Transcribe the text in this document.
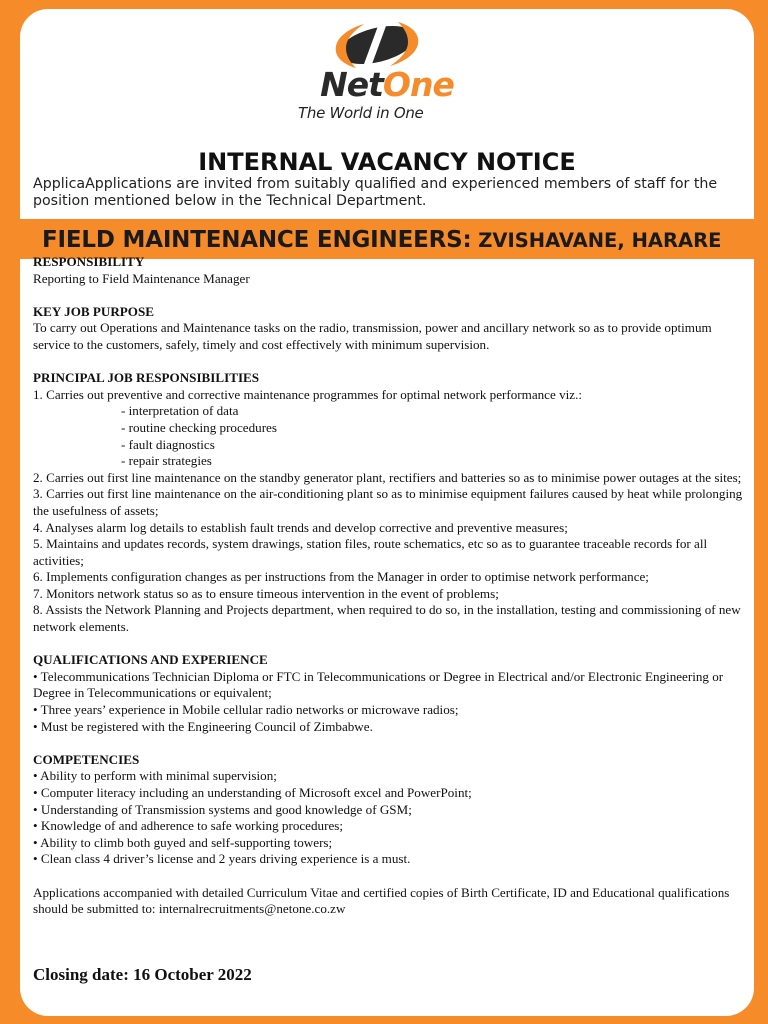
NetOne
The World in One
INTERNAL VACANCY NOTICE
ApplicaApplications are invited from suitably qualified and experienced members of staff for the position mentioned below in the Technical Department.
FIELD MAINTENANCE ENGINEERS: ZVISHAVANE, HARARE

RESPONSIBILITY

Reporting to Field Maintenance Manager

KEY JOB PURPOSE

To carry out Operations and Maintenance tasks on the radio, transmission, power and ancillary network so as to provide optimum service to the customers, safely, timely and cost effectively with minimum supervision.

PRINCIPAL JOB RESPONSIBILITIES

1. Carries out preventive and corrective maintenance programmes for optimal network performance viz.:

- interpretation of data

- routine checking procedures

- fault diagnostics

- repair strategies

2. Carries out first line maintenance on the standby generator plant, rectifiers and batteries so as to minimise power outages at the sites;

3. Carries out first line maintenance on the air-conditioning plant so as to minimise equipment failures caused by heat while prolonging the usefulness of assets;

4. Analyses alarm log details to establish fault trends and develop corrective and preventive measures;

5. Maintains and updates records, system drawings, station files, route schematics, etc so as to guarantee traceable records for all activities;

6. Implements configuration changes as per instructions from the Manager in order to optimise network performance;

7. Monitors network status so as to ensure timeous intervention in the event of problems;

8. Assists the Network Planning and Projects department, when required to do so, in the installation, testing and commissioning of new network elements.

QUALIFICATIONS AND EXPERIENCE

• Telecommunications Technician Diploma or FTC in Telecommunications or Degree in Electrical and/or Electronic Engineering or Degree in Telecommunications or equivalent;

• Three years’ experience in Mobile cellular radio networks or microwave radios;

• Must be registered with the Engineering Council of Zimbabwe.

COMPETENCIES

• Ability to perform with minimal supervision;

• Computer literacy including an understanding of Microsoft excel and PowerPoint;

• Understanding of Transmission systems and good knowledge of GSM;

• Knowledge of and adherence to safe working procedures;

• Ability to climb both guyed and self-supporting towers;

• Clean class 4 driver’s license and 2 years driving experience is a must.

Applications accompanied with detailed Curriculum Vitae and certified copies of Birth Certificate, ID and Educational qualifications should be submitted to: internalrecruitments@netone.co.zw

Closing date: 16 October 2022
